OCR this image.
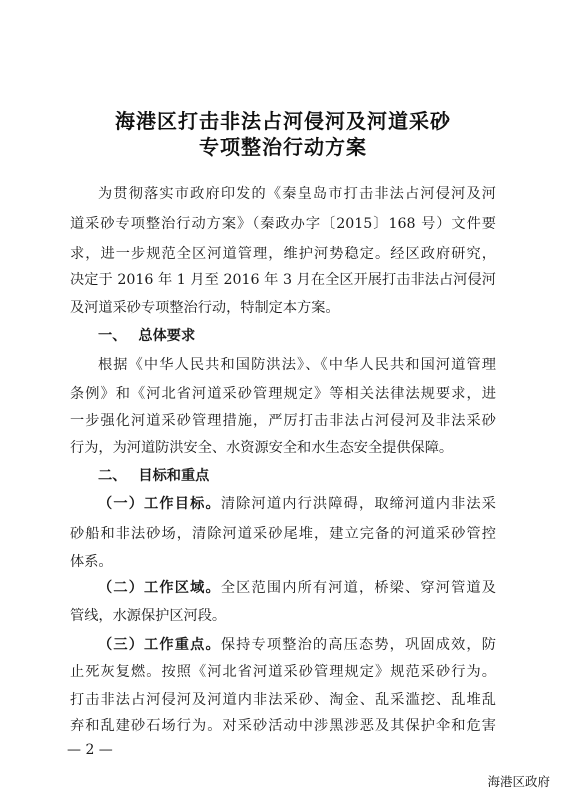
海港区打击非法占河侵河及河道采砂
专项整治行动方案
为贯彻落实市政府印发的《秦皇岛市打击非法占河侵河及河
道采砂专项整治行动方案》（秦政办字〔2015〕168 号）文件要
求，进一步规范全区河道管理，维护河势稳定。经区政府研究，
决定于 2016 年 1 月至 2016 年 3 月在全区开展打击非法占河侵河
及河道采砂专项整治行动，特制定本方案。
一、 总体要求
根据《中华人民共和国防洪法》、《中华人民共和国河道管理
条例》和《河北省河道采砂管理规定》等相关法律法规要求，进
一步强化河道采砂管理措施，严厉打击非法占河侵河及非法采砂
行为，为河道防洪安全、水资源安全和水生态安全提供保障。
二、 目标和重点
（一）工作目标。清除河道内行洪障碍，取缔河道内非法采
砂船和非法砂场，清除河道采砂尾堆，建立完备的河道采砂管控
体系。
（二）工作区域。全区范围内所有河道，桥梁、穿河管道及
管线，水源保护区河段。
（三）工作重点。保持专项整治的高压态势，巩固成效，防
止死灰复燃。按照《河北省河道采砂管理规定》规范采砂行为。
打击非法占河侵河及河道内非法采砂、淘金、乱采滥挖、乱堆乱
弃和乱建砂石场行为。对采砂活动中涉黑涉恶及其保护伞和危害
— 2 —
海港区政府
